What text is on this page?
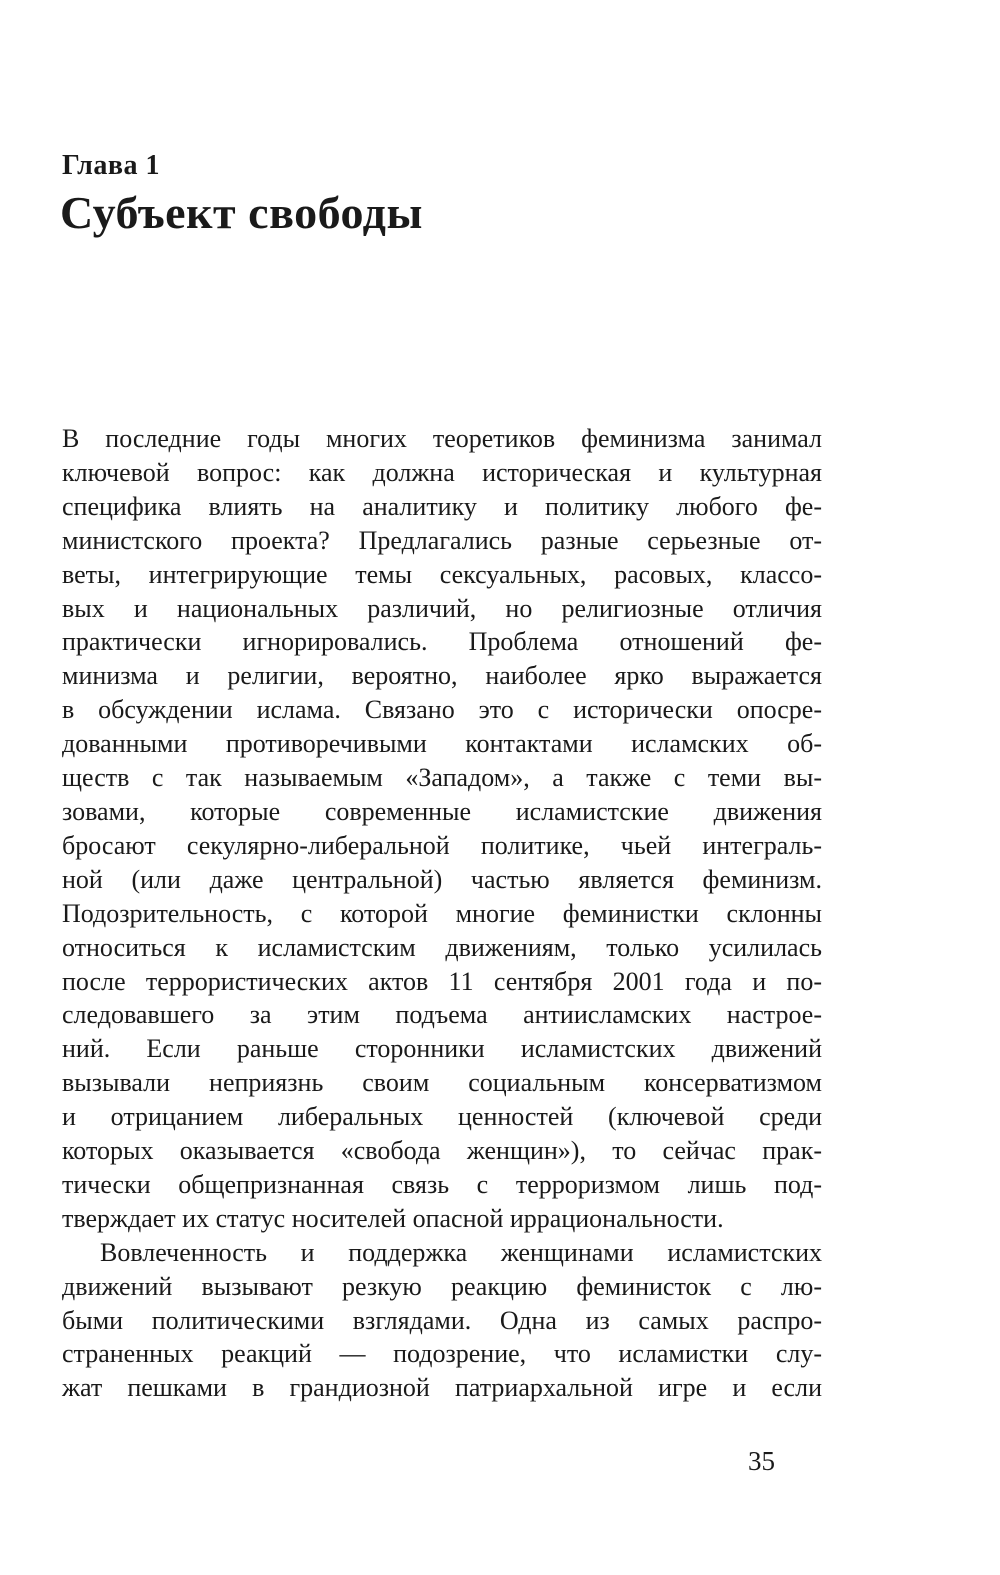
Глава 1
Субъект свободы
В последние годы многих теоретиков феминизма занимал
ключевой вопрос: как должна историческая и культурная
специфика влиять на аналитику и политику любого фе-
министского проекта? Предлагались разные серьезные от-
веты, интегрирующие темы сексуальных, расовых, классо-
вых и национальных различий, но религиозные отличия
практически игнорировались. Проблема отношений фе-
минизма и религии, вероятно, наиболее ярко выражается
в обсуждении ислама. Связано это с исторически опосре-
дованными противоречивыми контактами исламских об-
ществ с так называемым «Западом», а также с теми вы-
зовами, которые современные исламистские движения
бросают секулярно-либеральной политике, чьей интеграль-
ной (или даже центральной) частью является феминизм.
Подозрительность, с которой многие феминистки склонны
относиться к исламистским движениям, только усилилась
после террористических актов 11 сентября 2001 года и по-
следовавшего за этим подъема антиисламских настрое-
ний. Если раньше сторонники исламистских движений
вызывали неприязнь своим социальным консерватизмом
и отрицанием либеральных ценностей (ключевой среди
которых оказывается «свобода женщин»), то сейчас прак-
тически общепризнанная связь с терроризмом лишь под-
тверждает их статус носителей опасной иррациональности.
Вовлеченность и поддержка женщинами исламистских
движений вызывают резкую реакцию феминисток с лю-
быми политическими взглядами. Одна из самых распро-
страненных реакций — подозрение, что исламистки слу-
жат пешками в грандиозной патриархальной игре и если
35
